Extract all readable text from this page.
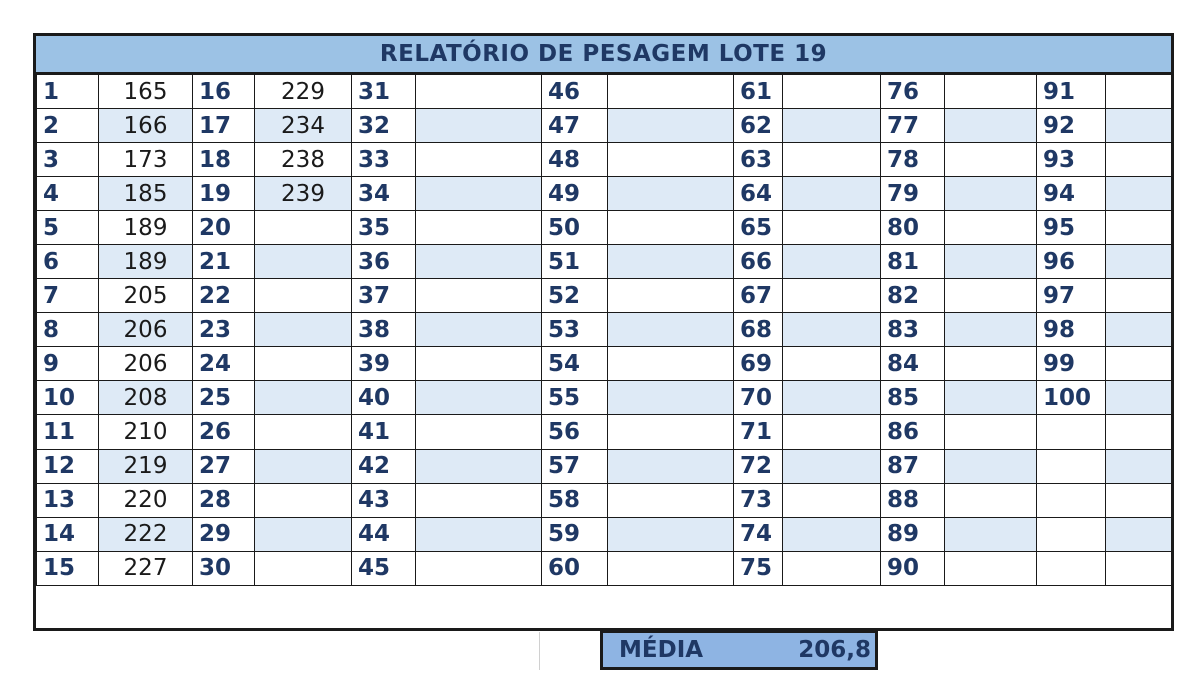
RELATÓRIO DE PESAGEM LOTE 19
1	165	16	229	31		46		61		76		91	
2	166	17	234	32		47		62		77		92	
3	173	18	238	33		48		63		78		93	
4	185	19	239	34		49		64		79		94	
5	189	20		35		50		65		80		95	
6	189	21		36		51		66		81		96	
7	205	22		37		52		67		82		97	
8	206	23		38		53		68		83		98	
9	206	24		39		54		69		84		99	
10	208	25		40		55		70		85		100	
11	210	26		41		56		71		86			
12	219	27		42		57		72		87			
13	220	28		43		58		73		88			
14	222	29		44		59		74		89			
15	227	30		45		60		75		90			
MÉDIA	206,8
